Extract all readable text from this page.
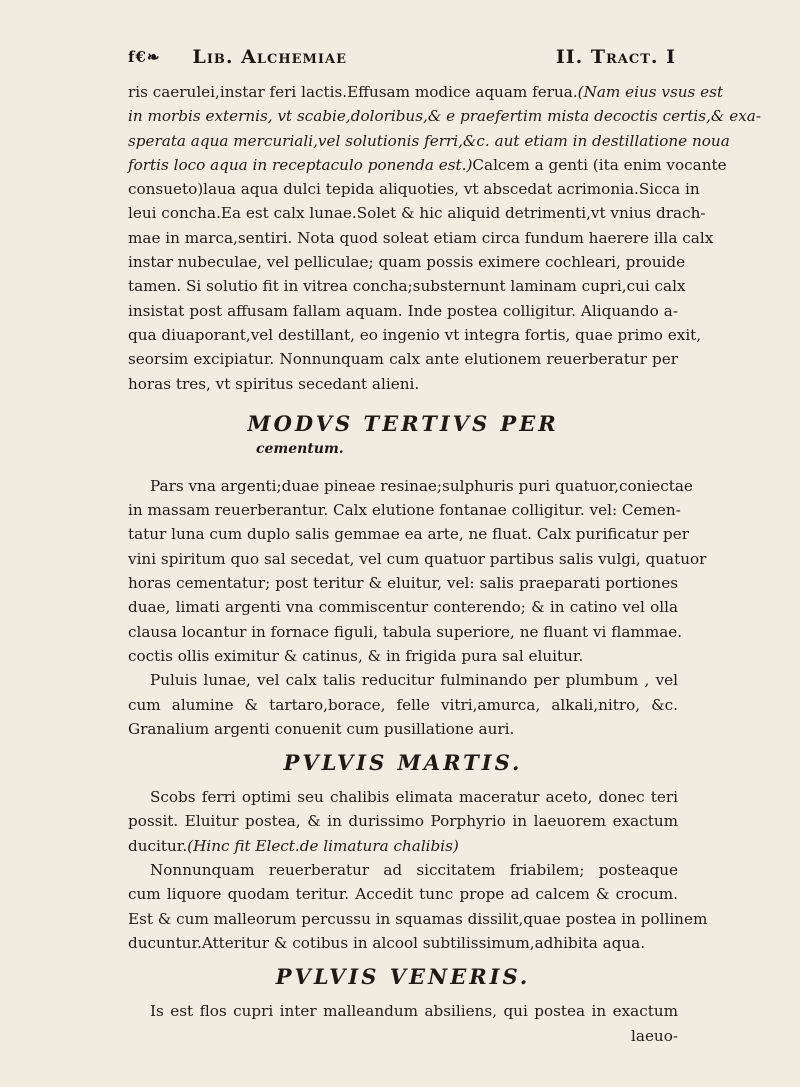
f€❧ Lib. Alchemiae	II. Tract. I

ris caerulei,instar feri lactis.Effusam modice aquam ferua.(Nam eius vsus est

in morbis externis, vt scabie,doloribus,& e praefertim mista decoctis certis,& exa-

sperata aqua mercuriali,vel solutionis ferri,&c. aut etiam in destillatione noua

fortis loco aqua in receptaculo ponenda est.)Calcem a genti (ita enim vocante

consueto)laua aqua dulci tepida aliquoties, vt abscedat acrimonia.Sicca in

leui concha.Ea est calx lunae.Solet & hic aliquid detrimenti,vt vnius drach-

mae in marca,sentiri. Nota quod soleat etiam circa fundum haerere illa calx

instar nubeculae, vel pelliculae; quam possis eximere cochleari, prouide

tamen. Si solutio fit in vitrea concha;substernunt laminam cupri,cui calx

insistat post affusam fallam aquam. Inde postea colligitur. Aliquando a-

qua diuaporant,vel destillant, eo ingenio vt integra fortis, quae primo exit,

seorsim excipiatur. Nonnunquam calx ante elutionem reuerberatur per

horas tres, vt spiritus secedant alieni.

MODVS TERTIVS PER

cementum.

Pars vna argenti;duae pineae resinae;sulphuris puri quatuor,coniectae

in massam reuerberantur. Calx elutione fontanae colligitur. vel: Cemen-

tatur luna cum duplo salis gemmae ea arte, ne fluat. Calx purificatur per

vini spiritum quo sal secedat, vel cum quatuor partibus salis vulgi, quatuor

horas cementatur; post teritur & eluitur, vel: salis praeparati portiones

duae, limati argenti vna commiscentur conterendo; & in catino vel olla

clausa locantur in fornace figuli, tabula superiore, ne fluant vi flammae.

coctis ollis eximitur & catinus, & in frigida pura sal eluitur.

Puluis lunae, vel calx talis reducitur fulminando per plumbum , vel

cum alumine & tartaro,borace, felle vitri,amurca, alkali,nitro, &c.

Granalium argenti conuenit cum pusillatione auri.

PVLVIS MARTIS.

Scobs ferri optimi seu chalibis elimata maceratur aceto, donec teri

possit. Eluitur postea, & in durissimo Porphyrio in laeuorem exactum

ducitur.(Hinc fit Elect.de limatura chalibis)

Nonnunquam reuerberatur ad siccitatem friabilem; posteaque

cum liquore quodam teritur. Accedit tunc prope ad calcem & crocum.

Est & cum malleorum percussu in squamas dissilit,quae postea in pollinem

ducuntur.Atteritur & cotibus in alcool subtilissimum,adhibita aqua.

PVLVIS VENERIS.

Is est flos cupri inter malleandum absiliens, qui postea in exactum

laeuo-
